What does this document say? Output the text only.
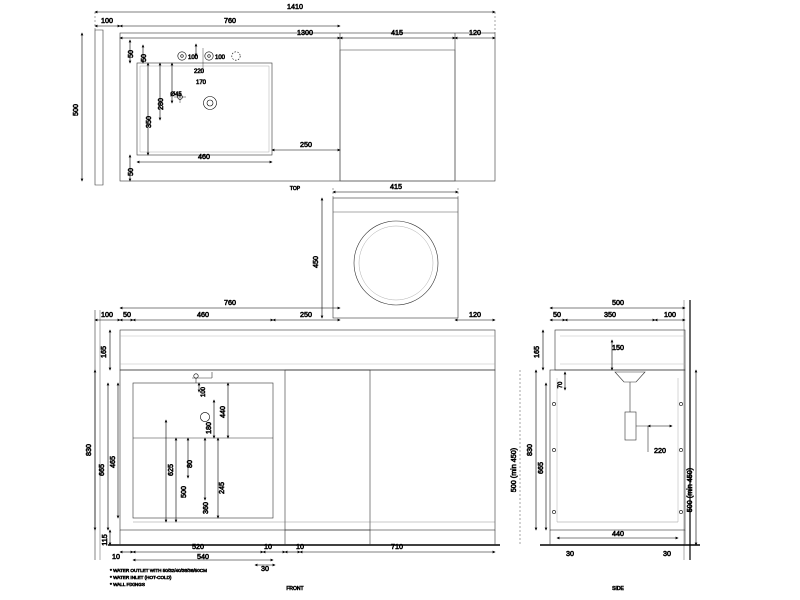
1410
100	760
1300	415	120
500
460
250
50
50
350
280
50
Ø45
100	100
220
170
TOP	415
450
100 50
760
460	250	120
165
830
665
465
115
440
100
180
625 80
500	245
360
10
520
540
10	10	710
30
FRONT
* WATER OUTLET WITH 50/32/40/38/36/50CM
* WATER INLET (HOT-COLD)
* WALL FIXINGS
500
50	350	100
165	150
70
830
665
220
440
30	30
500 (min 450)
500 (min 450)
SIDE
